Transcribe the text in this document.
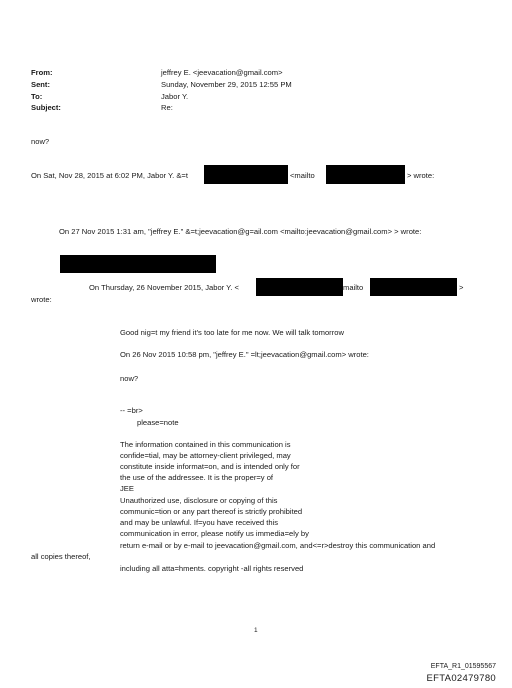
From:	jeffrey E. <jeevacation@gmail.com>
Sent:	Sunday, November 29, 2015 12:55 PM
To:	Jabor Y.
Subject:	Re:
now?
On Sat, Nov 28, 2015 at 6:02 PM, Jabor Y. &=t	<mailto	> wrote:
On 27 Nov 2015 1:31 am, "jeffrey E." &=t;jeevacation@g=ail.com <mailto:jeevacation@gmail.com> > wrote:
On Thursday, 26 November 2015, Jabor Y. <	mailto	>
wrote:
Good nig=t my friend it's too late for me now. We will talk tomorrow
On 26 Nov 2015 10:58 pm, "jeffrey E." =lt;jeevacation@gmail.com> wrote:
now?
-- =br>
please=note
The information contained in this communication is
confide=tial, may be attorney-client privileged, may
constitute inside informat=on, and is intended only for
the use of the addressee. It is the proper=y of
JEE
Unauthorized use, disclosure or copying of this
communic=tion or any part thereof is strictly prohibited
and may be unlawful. If=you have received this
communication in error, please notify us immedia=ely by
return e-mail or by e-mail to jeevacation@gmail.com, and<=r>destroy this communication and
all copies thereof,
including all atta=hments. copyright -all rights reserved
1
EFTA_R1_01595567
EFTA02479780
